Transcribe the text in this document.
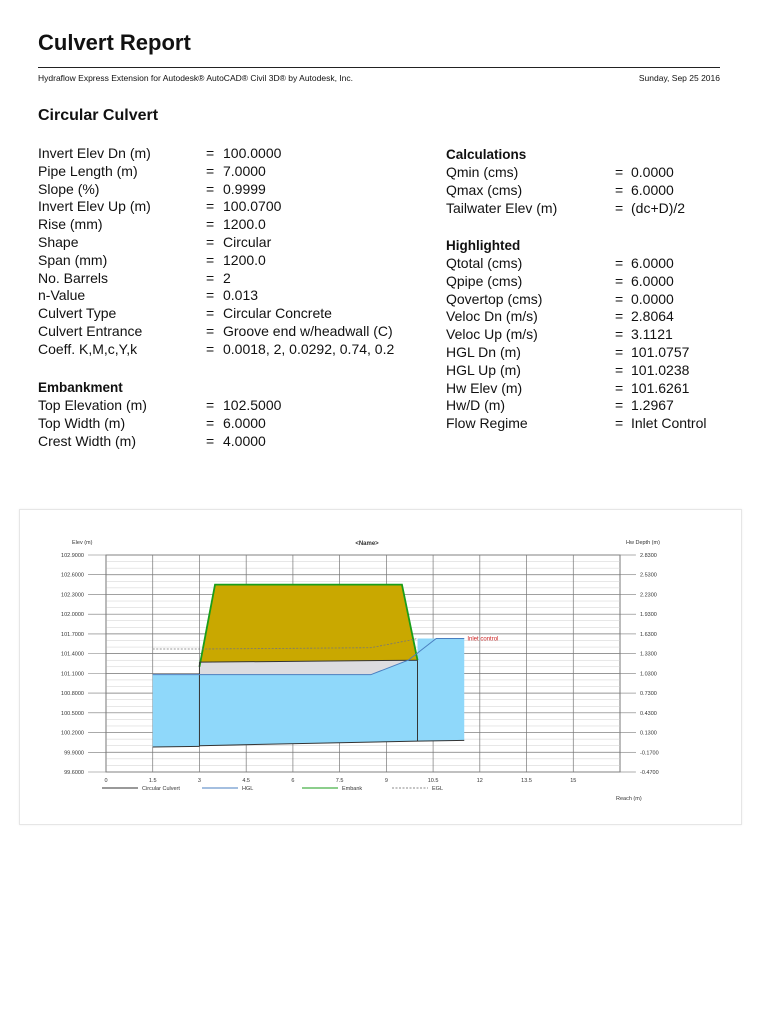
Culvert Report
Hydraflow Express Extension for Autodesk® AutoCAD® Civil 3D® by Autodesk, Inc.	Sunday, Sep 25 2016
Circular Culvert
Invert Elev Dn (m)	= 100.0000
Pipe Length (m)	= 7.0000
Slope (%)	= 0.9999
Invert Elev Up (m)	= 100.0700
Rise (mm)	= 1200.0
Shape	= Circular
Span (mm)	= 1200.0
No. Barrels	= 2
n-Value	= 0.013
Culvert Type	= Circular Concrete
Culvert Entrance	= Groove end w/headwall (C)
Coeff. K,M,c,Y,k	= 0.0018, 2, 0.0292, 0.74, 0.2
Embankment
Top Elevation (m)	= 102.5000
Top Width (m)	= 6.0000
Crest Width (m)	= 4.0000
Calculations
Qmin (cms)	= 0.0000
Qmax (cms)	= 6.0000
Tailwater Elev (m)	= (dc+D)/2
Highlighted
Qtotal (cms)	= 6.0000
Qpipe (cms)	= 6.0000
Qovertop (cms)	= 0.0000
Veloc Dn (m/s)	= 2.8064
Veloc Up (m/s)	= 3.1121
HGL Dn (m)	= 101.0757
HGL Up (m)	= 101.0238
Hw Elev (m)	= 101.6261
Hw/D (m)	= 1.2967
Flow Regime	= Inlet Control
Inlet control
102.9000
102.6000
102.3000
102.0000
101.7000
101.4000
101.1000
100.8000
100.5000
100.2000
99.9000
99.6000
2.8300
2.5300
2.2300
1.9300
1.6300
1.3300
1.0300
0.7300
0.4300
0.1300
-0.1700
-0.4700
0	1.5	3	4.5	6	7.5	9	10.5	12	13.5	15
Elev (m)	Hw Depth (m)
<Name>
Reach (m)
Circular Culvert	HGL	Embank	EGL
